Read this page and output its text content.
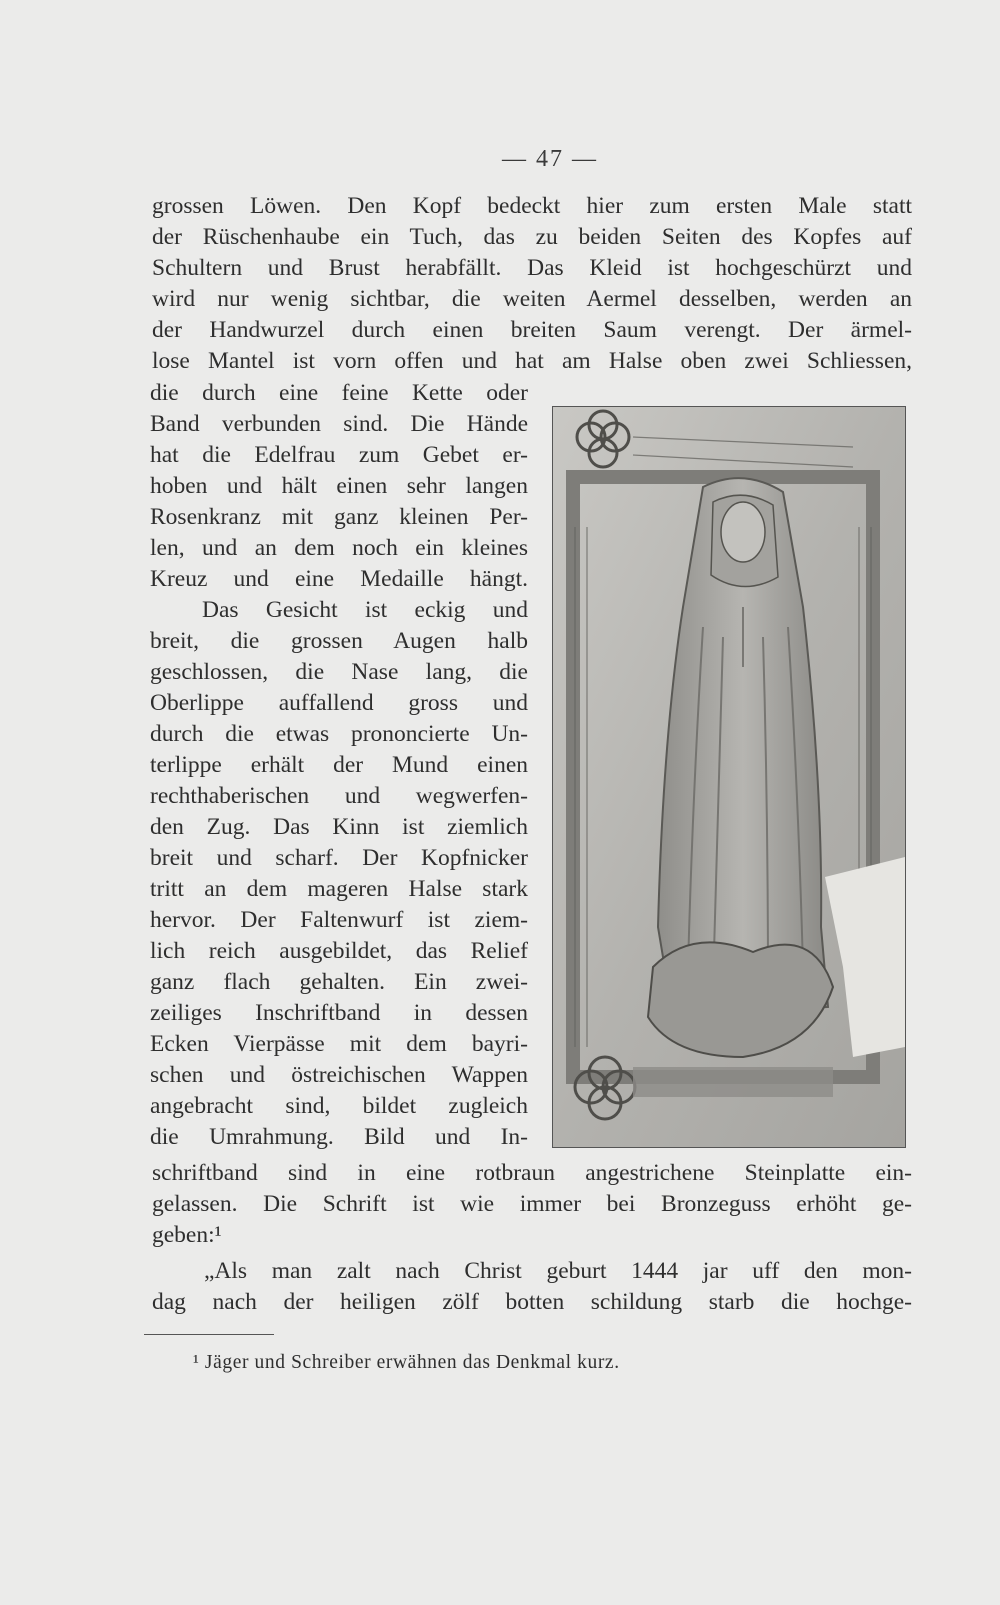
— 47 —
grossen Löwen. Den Kopf bedeckt hier zum ersten Male statt
der Rüschenhaube ein Tuch, das zu beiden Seiten des Kopfes auf
Schultern und Brust herabfällt. Das Kleid ist hochgeschürzt und
wird nur wenig sichtbar, die weiten Aermel desselben, werden an
der Handwurzel durch einen breiten Saum verengt. Der ärmel-
lose Mantel ist vorn offen und hat am Halse oben zwei Schliessen,
die durch eine feine Kette oder
Band verbunden sind. Die Hände
hat die Edelfrau zum Gebet er-
hoben und hält einen sehr langen
Rosenkranz mit ganz kleinen Per-
len, und an dem noch ein kleines
Kreuz und eine Medaille hängt.
Das Gesicht ist eckig und
breit, die grossen Augen halb
geschlossen, die Nase lang, die
Oberlippe auffallend gross und
durch die etwas prononcierte Un-
terlippe erhält der Mund einen
rechthaberischen und wegwerfen-
den Zug. Das Kinn ist ziemlich
breit und scharf. Der Kopfnicker
tritt an dem mageren Halse stark
hervor. Der Faltenwurf ist ziem-
lich reich ausgebildet, das Relief
ganz flach gehalten. Ein zwei-
zeiliges Inschriftband in dessen
Ecken Vierpässe mit dem bayri-
schen und östreichischen Wappen
angebracht sind, bildet zugleich
die Umrahmung. Bild und In-
schriftband sind in eine rotbraun angestrichene Steinplatte ein-
gelassen. Die Schrift ist wie immer bei Bronzeguss erhöht ge-
geben:¹
„Als man zalt nach Christ geburt 1444 jar uff den mon-
dag nach der heiligen zölf botten schildung starb die hochge-
¹ Jäger und Schreiber erwähnen das Denkmal kurz.
